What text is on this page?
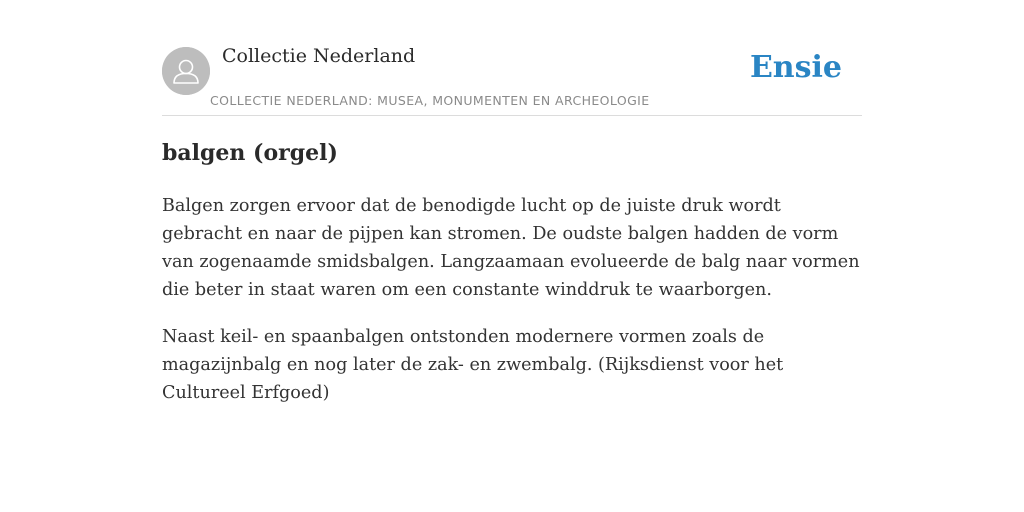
Collectie Nederland
COLLECTIE NEDERLAND: MUSEA, MONUMENTEN EN ARCHEOLOGIE
Ensie
balgen (orgel)

Balgen zorgen ervoor dat de benodigde lucht op de juiste druk wordt gebracht en naar de pijpen kan stromen. De oudste balgen hadden de vorm van zogenaamde smidsbalgen. Langzaamaan evolueerde de balg naar vormen die beter in staat waren om een constante winddruk te waarborgen.

Naast keil- en spaanbalgen ontstonden modernere vormen zoals de magazijnbalg en nog later de zak- en zwembalg. (Rijksdienst voor het Cultureel Erfgoed)
